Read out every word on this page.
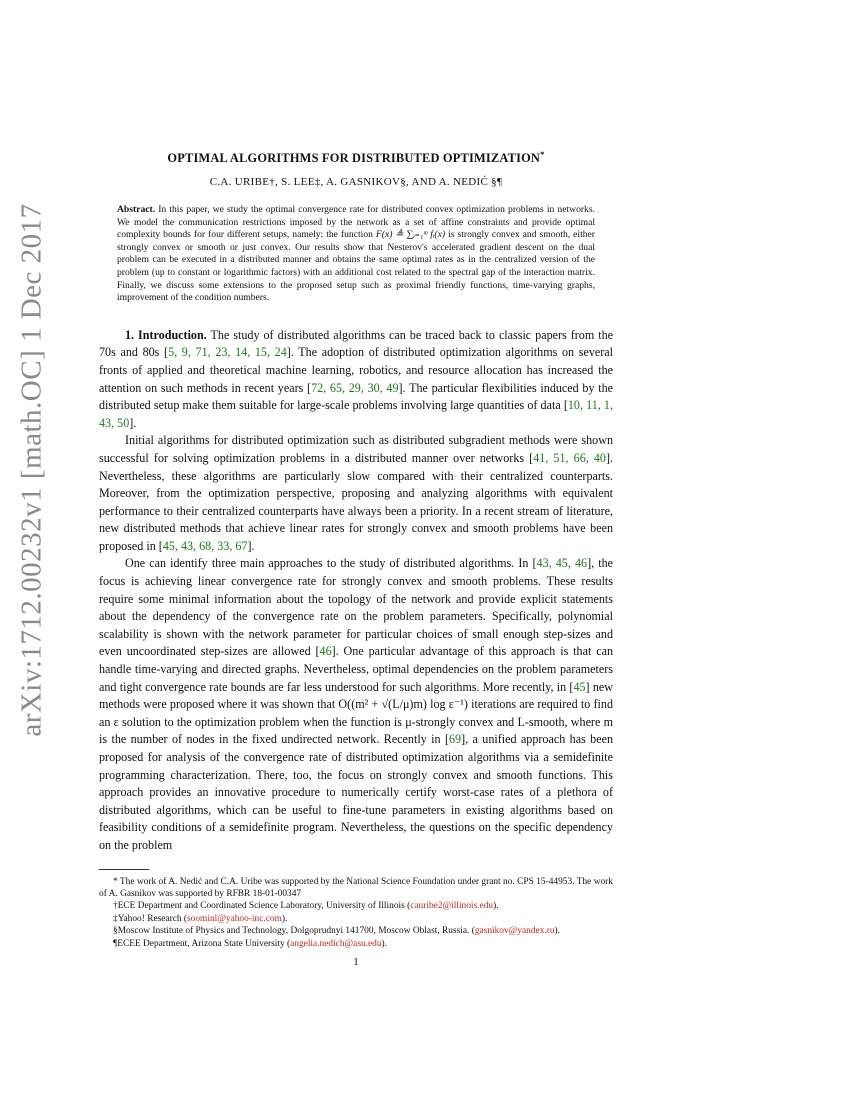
arXiv:1712.00232v1 [math.OC] 1 Dec 2017
OPTIMAL ALGORITHMS FOR DISTRIBUTED OPTIMIZATION*
C.A. URIBE†, S. LEE‡, A. GASNIKOV§, AND A. NEDIĆ §¶
Abstract. In this paper, we study the optimal convergence rate for distributed convex optimization problems in networks. We model the communication restrictions imposed by the network as a set of affine constraints and provide optimal complexity bounds for four different setups, namely: the function F(x) ≜ ∑ᵢ₌₁ᵐ fᵢ(x) is strongly convex and smooth, either strongly convex or smooth or just convex. Our results show that Nesterov's accelerated gradient descent on the dual problem can be executed in a distributed manner and obtains the same optimal rates as in the centralized version of the problem (up to constant or logarithmic factors) with an additional cost related to the spectral gap of the interaction matrix. Finally, we discuss some extensions to the proposed setup such as proximal friendly functions, time-varying graphs, improvement of the condition numbers.

1. Introduction. The study of distributed algorithms can be traced back to classic papers from the 70s and 80s [5, 9, 71, 23, 14, 15, 24]. The adoption of distributed optimization algorithms on several fronts of applied and theoretical machine learning, robotics, and resource allocation has increased the attention on such methods in recent years [72, 65, 29, 30, 49]. The particular flexibilities induced by the distributed setup make them suitable for large-scale problems involving large quantities of data [10, 11, 1, 43, 50].

Initial algorithms for distributed optimization such as distributed subgradient methods were shown successful for solving optimization problems in a distributed manner over networks [41, 51, 66, 40]. Nevertheless, these algorithms are particularly slow compared with their centralized counterparts. Moreover, from the optimization perspective, proposing and analyzing algorithms with equivalent performance to their centralized counterparts have always been a priority. In a recent stream of literature, new distributed methods that achieve linear rates for strongly convex and smooth problems have been proposed in [45, 43, 68, 33, 67].

One can identify three main approaches to the study of distributed algorithms. In [43, 45, 46], the focus is achieving linear convergence rate for strongly convex and smooth problems. These results require some minimal information about the topology of the network and provide explicit statements about the dependency of the convergence rate on the problem parameters. Specifically, polynomial scalability is shown with the network parameter for particular choices of small enough step-sizes and even uncoordinated step-sizes are allowed [46]. One particular advantage of this approach is that can handle time-varying and directed graphs. Nevertheless, optimal dependencies on the problem parameters and tight convergence rate bounds are far less understood for such algorithms. More recently, in [45] new methods were proposed where it was shown that O((m² + √(L/μ)m) log ε⁻¹) iterations are required to find an ε solution to the optimization problem when the function is μ-strongly convex and L-smooth, where m is the number of nodes in the fixed undirected network. Recently in [69], a unified approach has been proposed for analysis of the convergence rate of distributed optimization algorithms via a semidefinite programming characterization. There, too, the focus on strongly convex and smooth functions. This approach provides an innovative procedure to numerically certify worst-case rates of a plethora of distributed algorithms, which can be useful to fine-tune parameters in existing algorithms based on feasibility conditions of a semidefinite program. Nevertheless, the questions on the specific dependency on the problem

* The work of A. Nedić and C.A. Uribe was supported by the National Science Foundation under grant no. CPS 15-44953. The work of A. Gasnikov was supported by RFBR 18-01-00347

†ECE Department and Coordinated Science Laboratory, University of Illinois (cauribe2@illinois.edu).

‡Yahoo! Research (soominl@yahoo-inc.com).

§Moscow Institute of Physics and Technology, Dolgoprudnyi 141700, Moscow Oblast, Russia. (gasnikov@yandex.ru).

¶ECEE Department, Arizona State University (angelia.nedich@asu.edu).

1
